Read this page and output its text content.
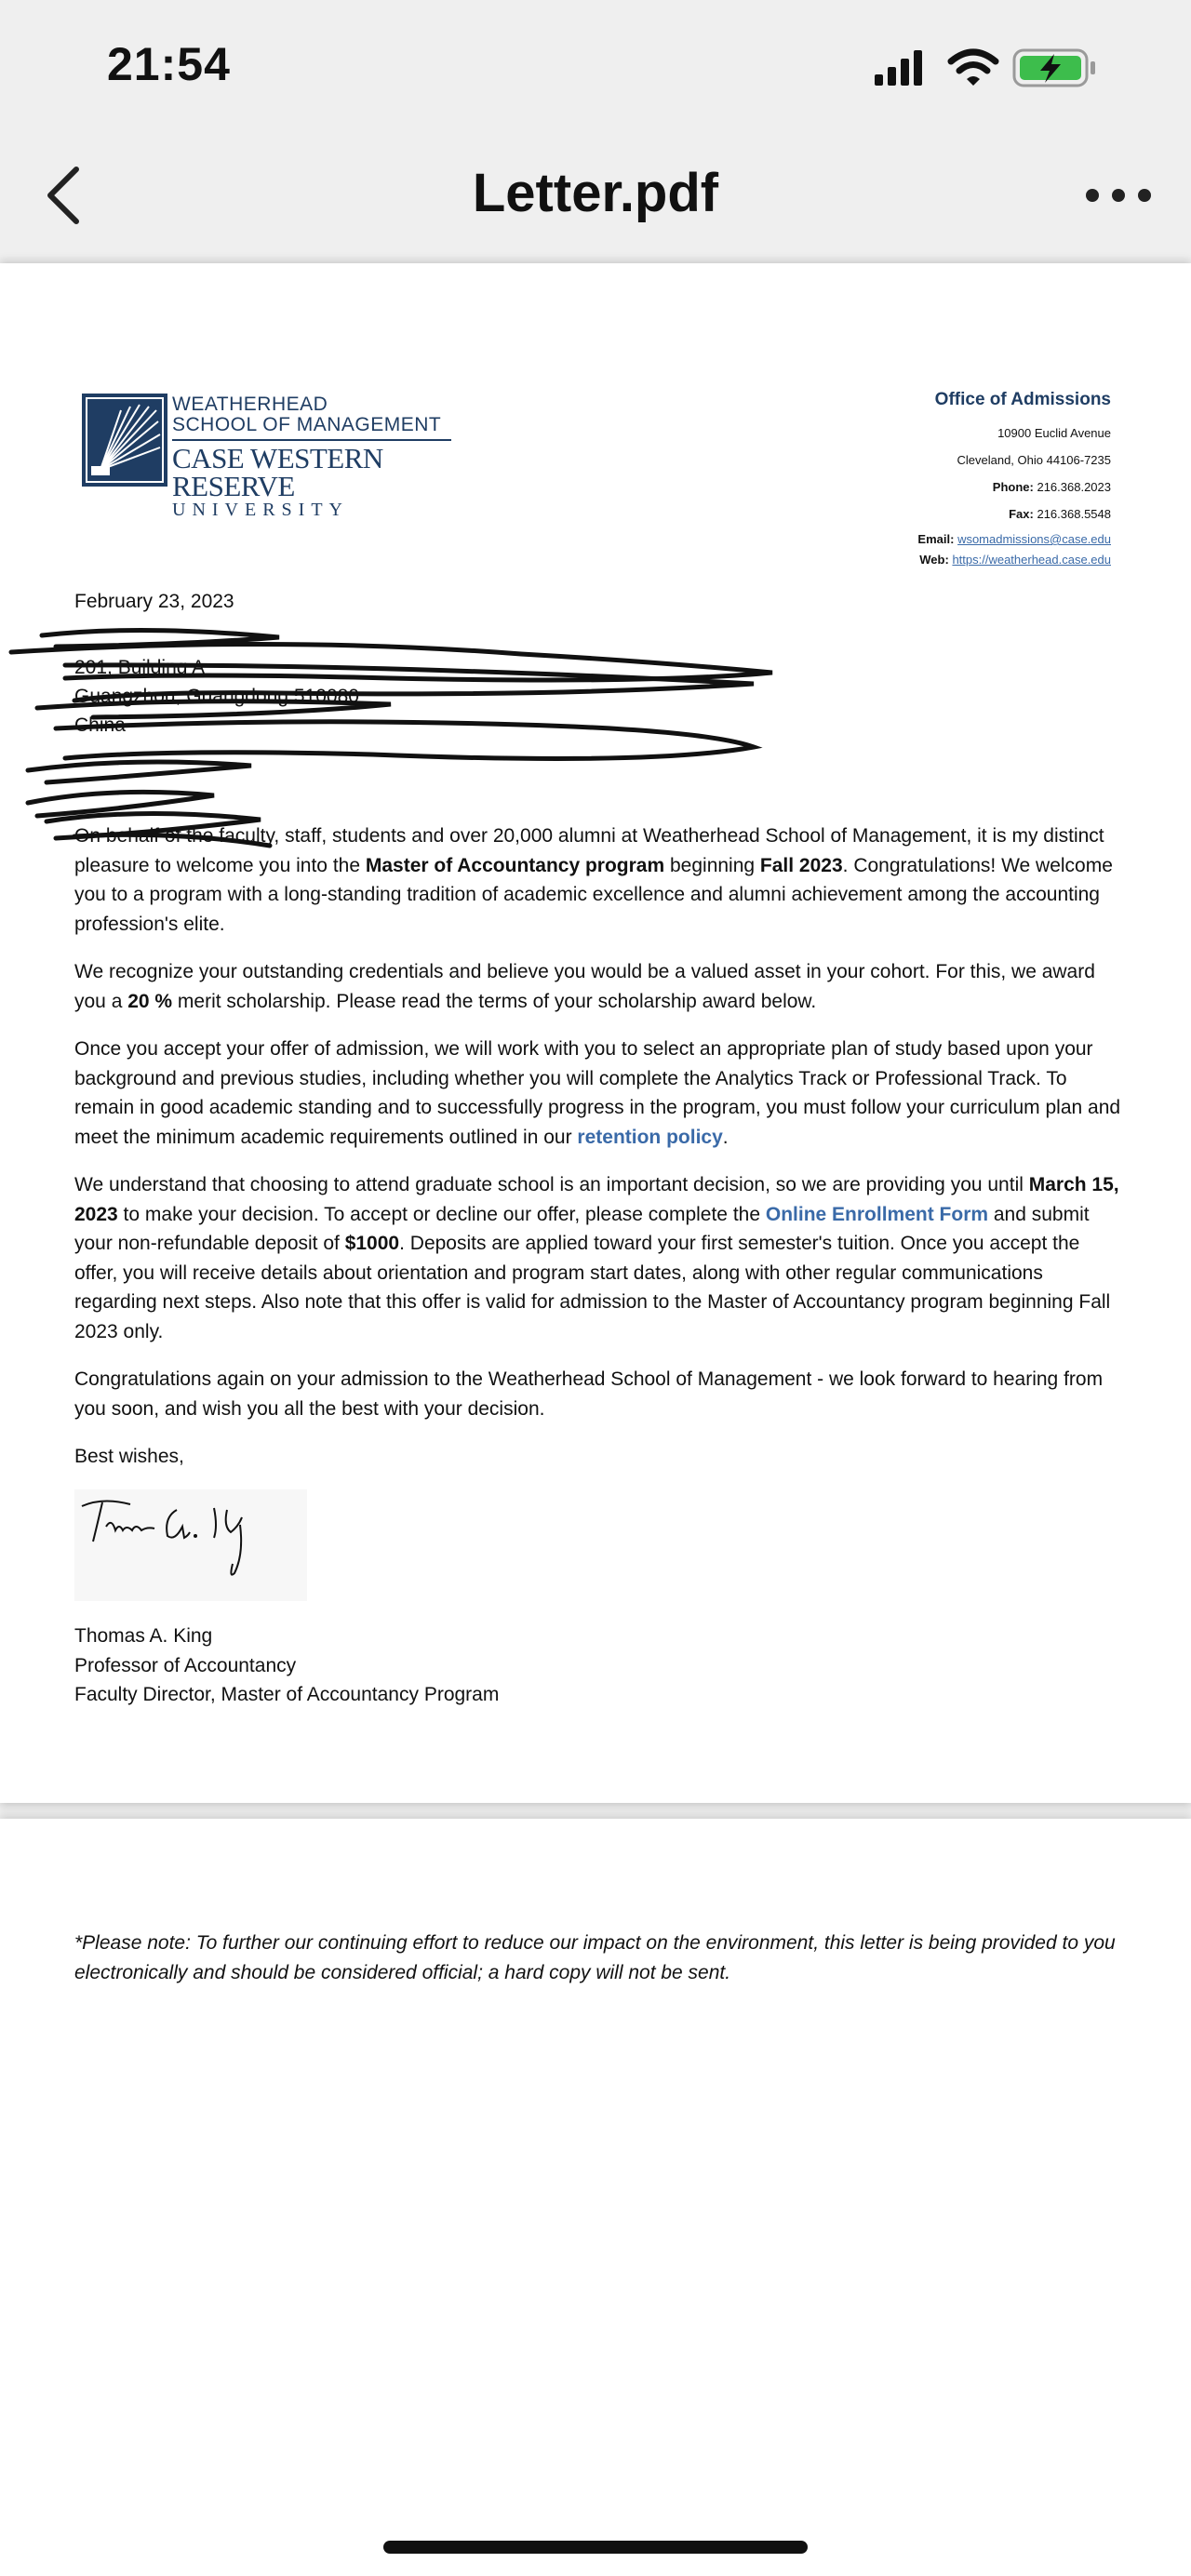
21:54
Letter.pdf
WEATHERHEAD
SCHOOL OF MANAGEMENT
CASE WESTERN RESERVE
UNIVERSITY
Office of Admissions
10900 Euclid Avenue
Cleveland, Ohio 44106-7235
Phone: 216.368.2023
Fax: 216.368.5548
Email: wsomadmissions@case.edu
Web: https://weatherhead.case.edu
February 23, 2023
201, Building A
Guangzhou, Guangdong 510080
China

On behalf of the faculty, staff, students and over 20,000 alumni at Weatherhead School of Management, it is my distinct pleasure to welcome you into the Master of Accountancy program beginning Fall 2023. Congratulations! We welcome you to a program with a long-standing tradition of academic excellence and alumni achievement among the accounting profession's elite.

We recognize your outstanding credentials and believe you would be a valued asset in your cohort. For this, we award you a 20 % merit scholarship. Please read the terms of your scholarship award below.

Once you accept your offer of admission, we will work with you to select an appropriate plan of study based upon your background and previous studies, including whether you will complete the Analytics Track or Professional Track. To remain in good academic standing and to successfully progress in the program, you must follow your curriculum plan and meet the minimum academic requirements outlined in our retention policy.

We understand that choosing to attend graduate school is an important decision, so we are providing you until March 15, 2023 to make your decision. To accept or decline our offer, please complete the Online Enrollment Form and submit your non-refundable deposit of $1000. Deposits are applied toward your first semester's tuition. Once you accept the offer, you will receive details about orientation and program start dates, along with other regular communications regarding next steps. Also note that this offer is valid for admission to the Master of Accountancy program beginning Fall 2023 only.

Congratulations again on your admission to the Weatherhead School of Management - we look forward to hearing from you soon, and wish you all the best with your decision.

Best wishes,

Thomas A. King
Professor of Accountancy
Faculty Director, Master of Accountancy Program
*Please note: To further our continuing effort to reduce our impact on the environment, this letter is being provided to you electronically and should be considered official; a hard copy will not be sent.
